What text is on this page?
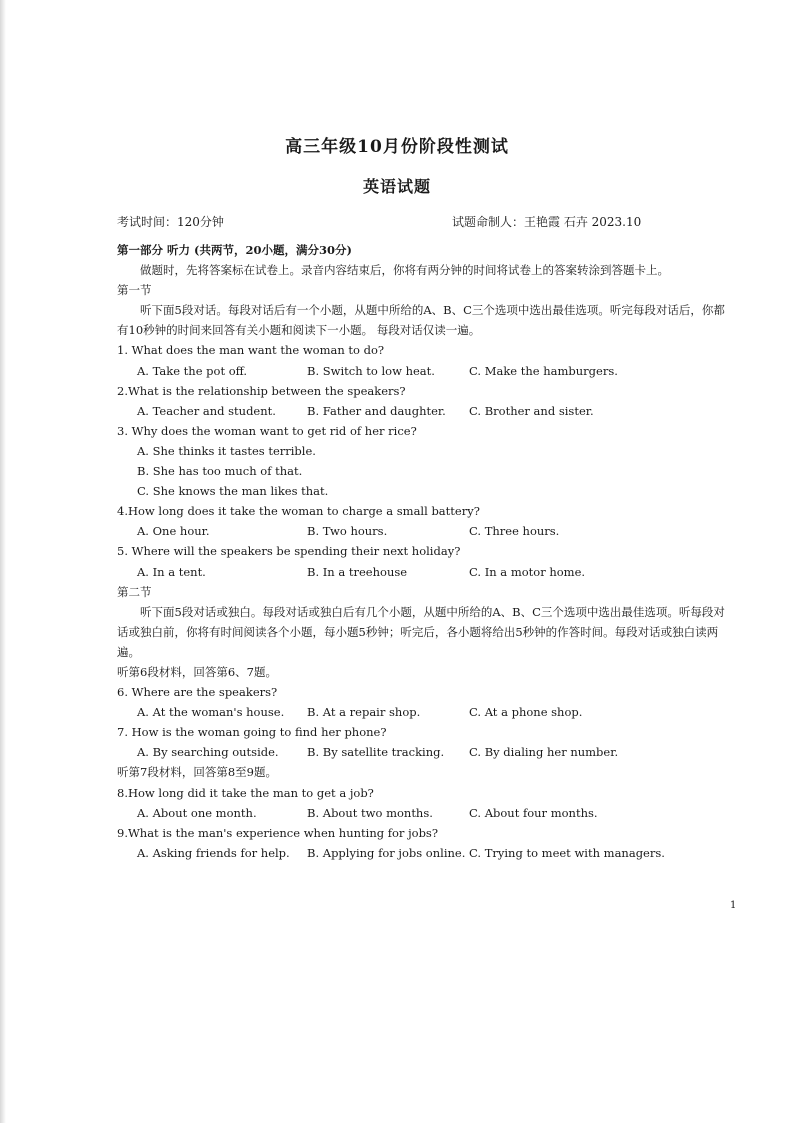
高三年级10月份阶段性测试
英语试题
考试时间：120分钟	试题命制人：王艳霞 石卉 2023.10

第一部分 听力 (共两节，20小题，满分30分)

做题时，先将答案标在试卷上。录音内容结束后，你将有两分钟的时间将试卷上的答案转涂到答题卡上。

第一节

听下面5段对话。每段对话后有一个小题，从题中所给的A、B、C三个选项中选出最佳选项。听完每段对话后，你都有10秒钟的时间来回答有关小题和阅读下一小题。 每段对话仅读一遍。

1. What does the man want the woman to do?

A. Take the pot off.	B. Switch to low heat.	C. Make the hamburgers.

2.What is the relationship between the speakers?

A. Teacher and student.	B. Father and daughter.	C. Brother and sister.

3. Why does the woman want to get rid of her rice?

A. She thinks it tastes terrible.

B. She has too much of that.

C. She knows the man likes that.

4.How long does it take the woman to charge a small battery?

A. One hour.	B. Two hours.	C. Three hours.

5. Where will the speakers be spending their next holiday?

A. In a tent.	B. In a treehouse	C. In a motor home.

第二节

听下面5段对话或独白。每段对话或独白后有几个小题，从题中所给的A、B、C三个选项中选出最佳选项。听每段对话或独白前，你将有时间阅读各个小题，每小题5秒钟；听完后，各小题将给出5秒钟的作答时间。每段对话或独白读两遍。

听第6段材料，回答第6、7题。

6. Where are the speakers?

A. At the woman's house.	B. At a repair shop.	C. At a phone shop.

7. How is the woman going to find her phone?

A. By searching outside.	B. By satellite tracking.	C. By dialing her number.

听第7段材料，回答第8至9题。

8.How long did it take the man to get a job?

A. About one month.	B. About two months.	C. About four months.

9.What is the man's experience when hunting for jobs?

A. Asking friends for help.	B. Applying for jobs online. C. Trying to meet with managers.
1
